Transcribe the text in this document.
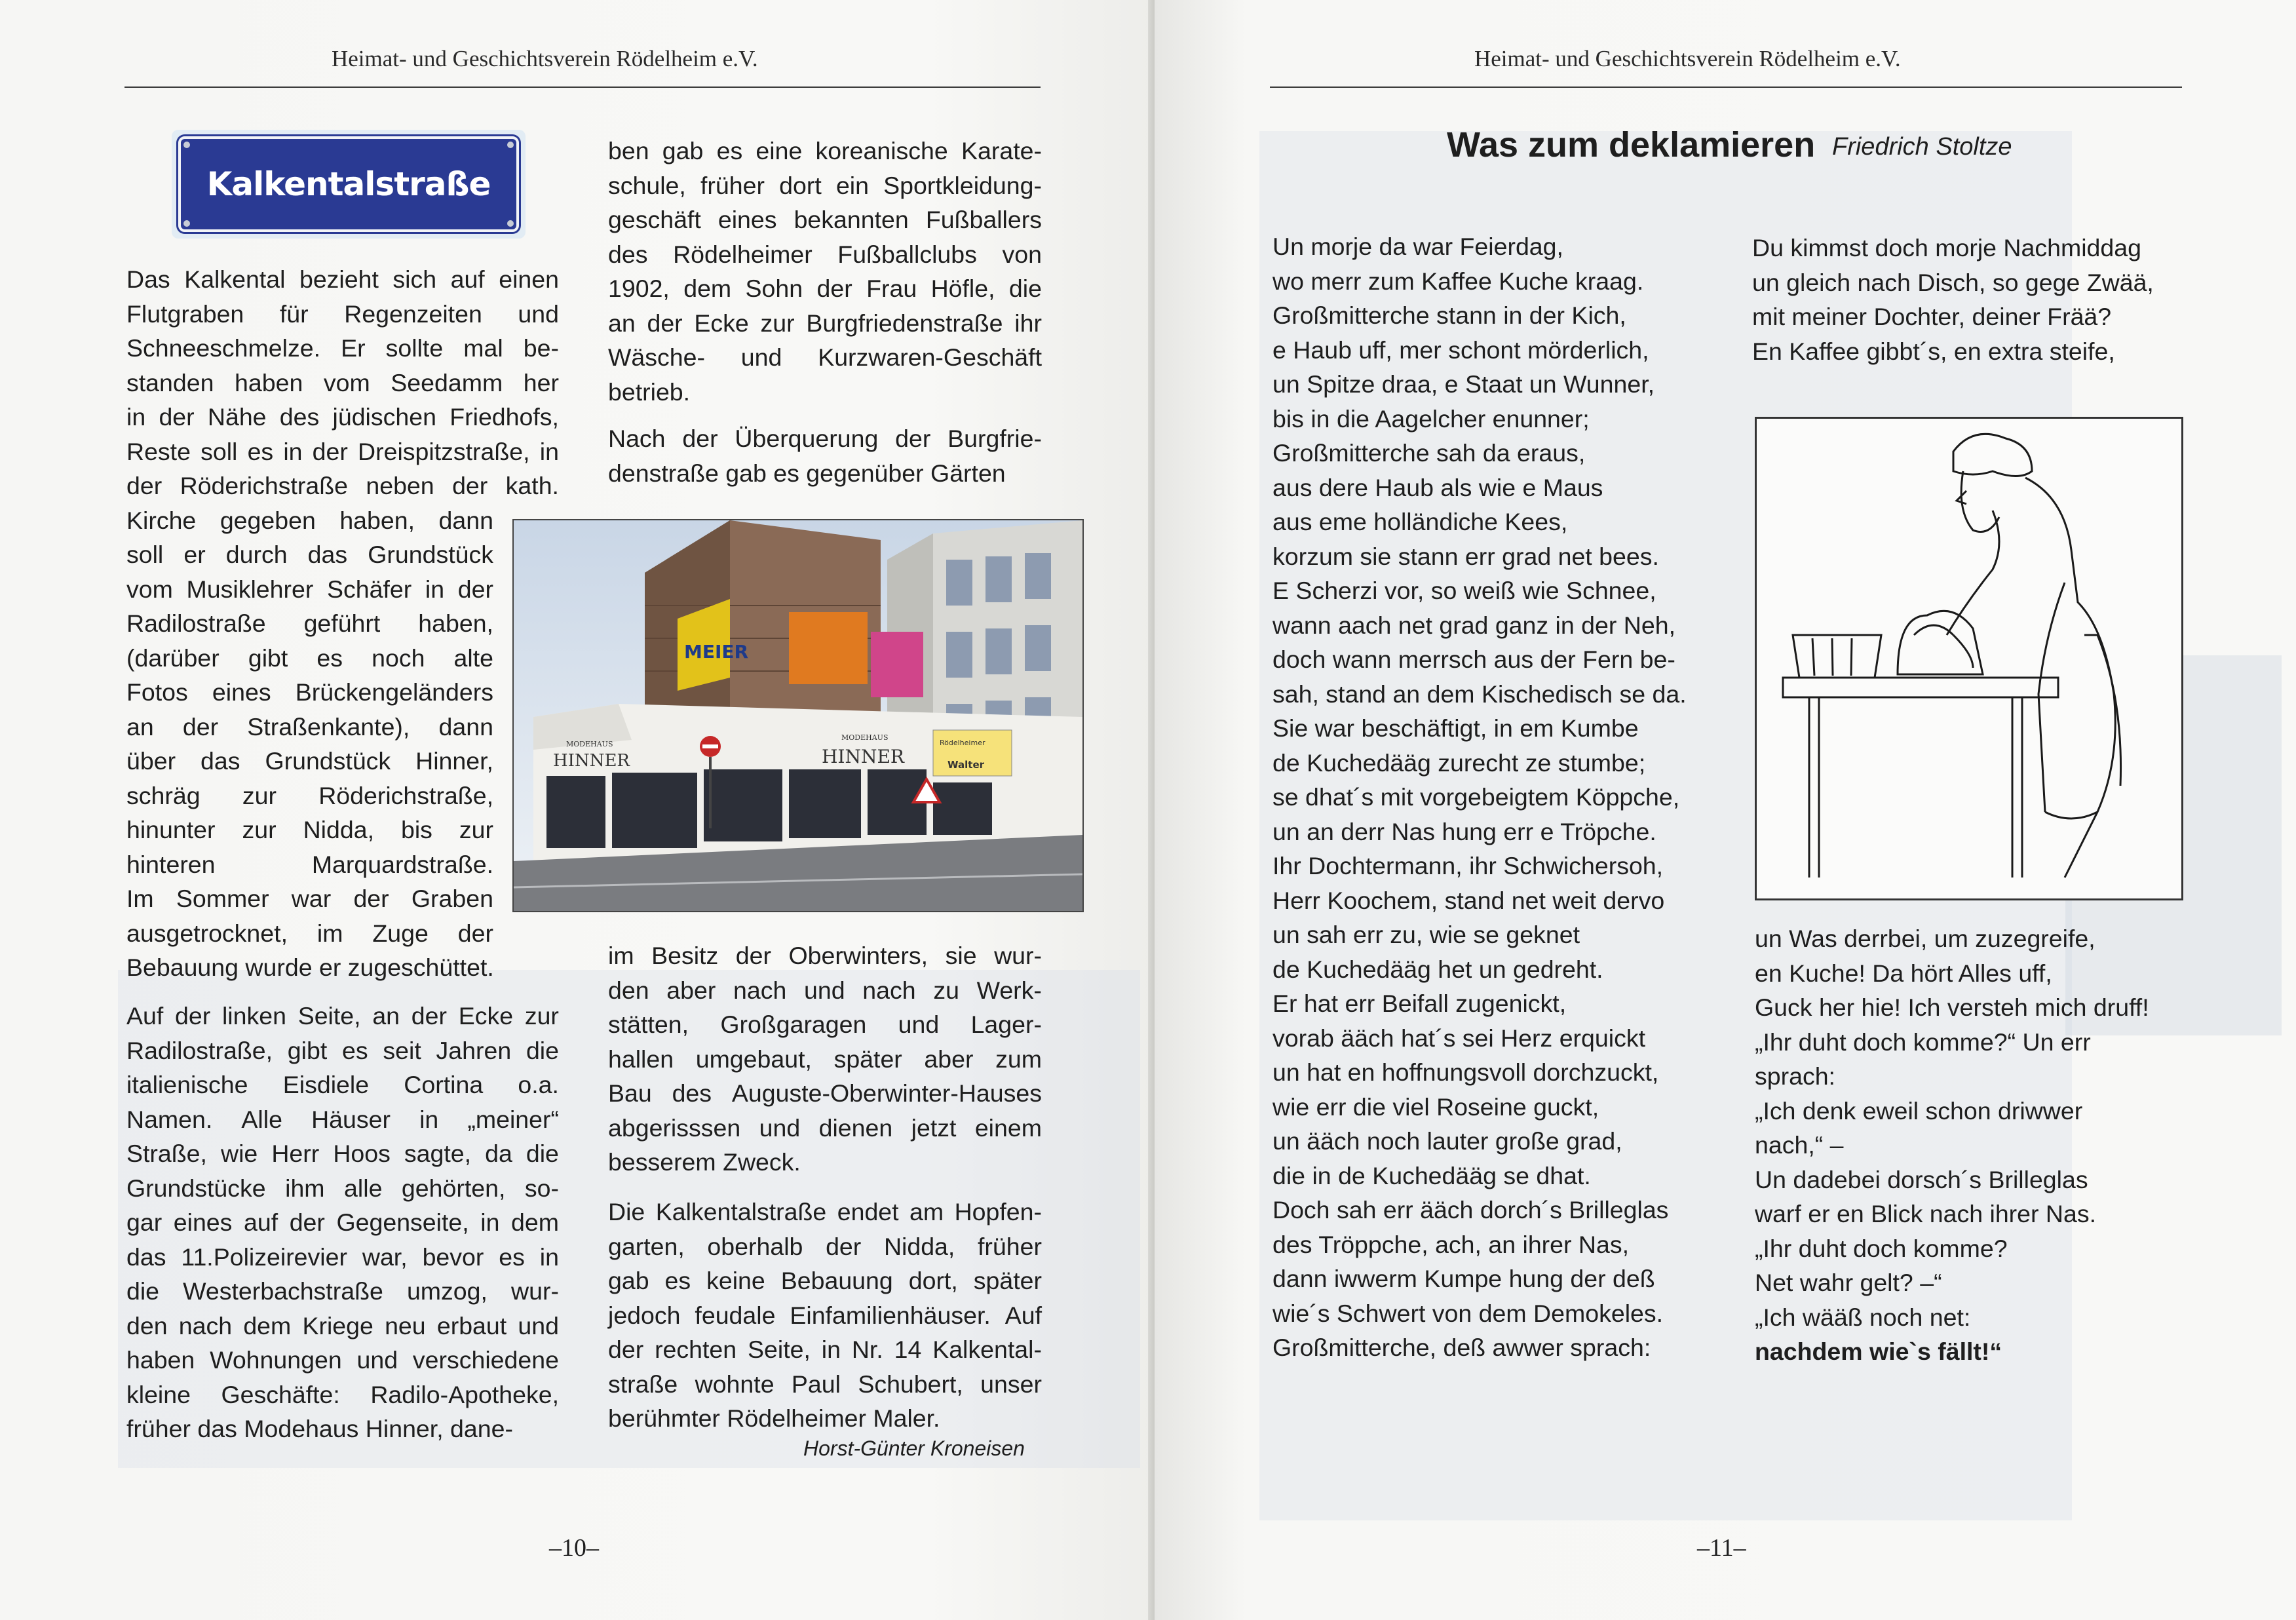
Heimat- und Geschichtsverein Rödelheim e.V.
Kalkentalstraße
Das Kalkental bezieht sich auf einen
Flutgraben für Regenzeiten und
Schneeschmelze. Er sollte mal be-
standen haben vom Seedamm her
in der Nähe des jüdischen Friedhofs,
Reste soll es in der Dreispitzstraße, in
der Röderichstraße neben der kath.
Kirche gegeben haben, dann
soll er durch das Grundstück
vom Musiklehrer Schäfer in der
Radilostraße geführt haben,
(darüber gibt es noch alte
Fotos eines Brückengeländers
an der Straßenkante), dann
über das Grundstück Hinner,
schräg zur Röderichstraße,
hinunter zur Nidda, bis zur
hinteren	Marquardstraße.
Im Sommer war der Graben
ausgetrocknet, im Zuge der
Bebauung wurde er zugeschüttet.
Auf der linken Seite, an der Ecke zur
Radilostraße, gibt es seit Jahren die
italienische Eisdiele Cortina o.a.
Namen. Alle Häuser in „meiner“
Straße, wie Herr Hoos sagte, da die
Grundstücke ihm alle gehörten, so-
gar eines auf der Gegenseite, in dem
das 11.Polizeirevier war, bevor es in
die Westerbachstraße umzog, wur-
den nach dem Kriege neu erbaut und
haben Wohnungen und verschiedene
kleine Geschäfte: Radilo-Apotheke,
früher das Modehaus Hinner, dane-
ben gab es eine koreanische Karate-
schule, früher dort ein Sportkleidung-
geschäft eines bekannten Fußballers
des Rödelheimer Fußballclubs von
1902, dem Sohn der Frau Höfle, die
an der Ecke zur Burgfriedenstraße ihr
Wäsche- und Kurzwaren-Geschäft
betrieb.
Nach der Überquerung der Burgfrie-
denstraße gab es gegenüber Gärten
im Besitz der Oberwinters, sie wur-
den aber nach und nach zu Werk-
stätten, Großgaragen und Lager-
hallen umgebaut, später aber zum
Bau des Auguste-Oberwinter-Hauses
abgerisssen und dienen jetzt einem
besserem Zweck.
Die Kalkentalstraße endet am Hopfen-
garten, oberhalb der Nidda, früher
gab es keine Bebauung dort, später
jedoch feudale Einfamilienhäuser. Auf
der rechten Seite, in Nr. 14 Kalkental-
straße wohnte Paul Schubert, unser
berühmter Rödelheimer Maler.
Horst-Günter Kroneisen
MEIER
MODEHAUS
HINNER
MODEHAUS
HINNER
Rödelheimer
Walter
–10–
Heimat- und Geschichtsverein Rödelheim e.V.
Was zum deklamieren Friedrich Stoltze
Un morje da war Feierdag,
wo merr zum Kaffee Kuche kraag.
Großmitterche stann in der Kich,
e Haub uff, mer schont mörderlich,
un Spitze draa, e Staat un Wunner,
bis in die Aagelcher enunner;
Großmitterche sah da eraus,
aus dere Haub als wie e Maus
aus eme holländiche Kees,
korzum sie stann err grad net bees.
E Scherzi vor, so weiß wie Schnee,
wann aach net grad ganz in der Neh,
doch wann merrsch aus der Fern be-
sah, stand an dem Kischedisch se da.
Sie war beschäftigt, in em Kumbe
de Kuchedääg zurecht ze stumbe;
se dhat´s mit vorgebeigtem Köppche,
un an derr Nas hung err e Tröpche.
Ihr Dochtermann, ihr Schwichersoh,
Herr Koochem, stand net weit dervo
un sah err zu, wie se geknet
de Kuchedääg het un gedreht.
Er hat err Beifall zugenickt,
vorab ääch hat´s sei Herz erquickt
un hat en hoffnungsvoll dorchzuckt,
wie err die viel Roseine guckt,
un ääch noch lauter große grad,
die in de Kuchedääg se dhat.
Doch sah err ääch dorch´s Brilleglas
des Tröppche, ach, an ihrer Nas,
dann iwwerm Kumpe hung der deß
wie´s Schwert von dem Demokeles.
Großmitterche, deß awwer sprach:
Du kimmst doch morje Nachmiddag
un gleich nach Disch, so gege Zwää,
mit meiner Dochter, deiner Frää?
En Kaffee gibbt´s, en extra steife,
un Was derrbei, um zuzegreife,
en Kuche! Da hört Alles uff,
Guck her hie! Ich versteh mich druff!
„Ihr duht doch komme?“ Un err
sprach:
„Ich denk eweil schon driwwer
nach,“ –
Un dadebei dorsch´s Brilleglas
warf er en Blick nach ihrer Nas.
„Ihr duht doch komme?
Net wahr gelt? –“
„Ich wääß noch net:
nachdem wie`s fällt!“
–11–
